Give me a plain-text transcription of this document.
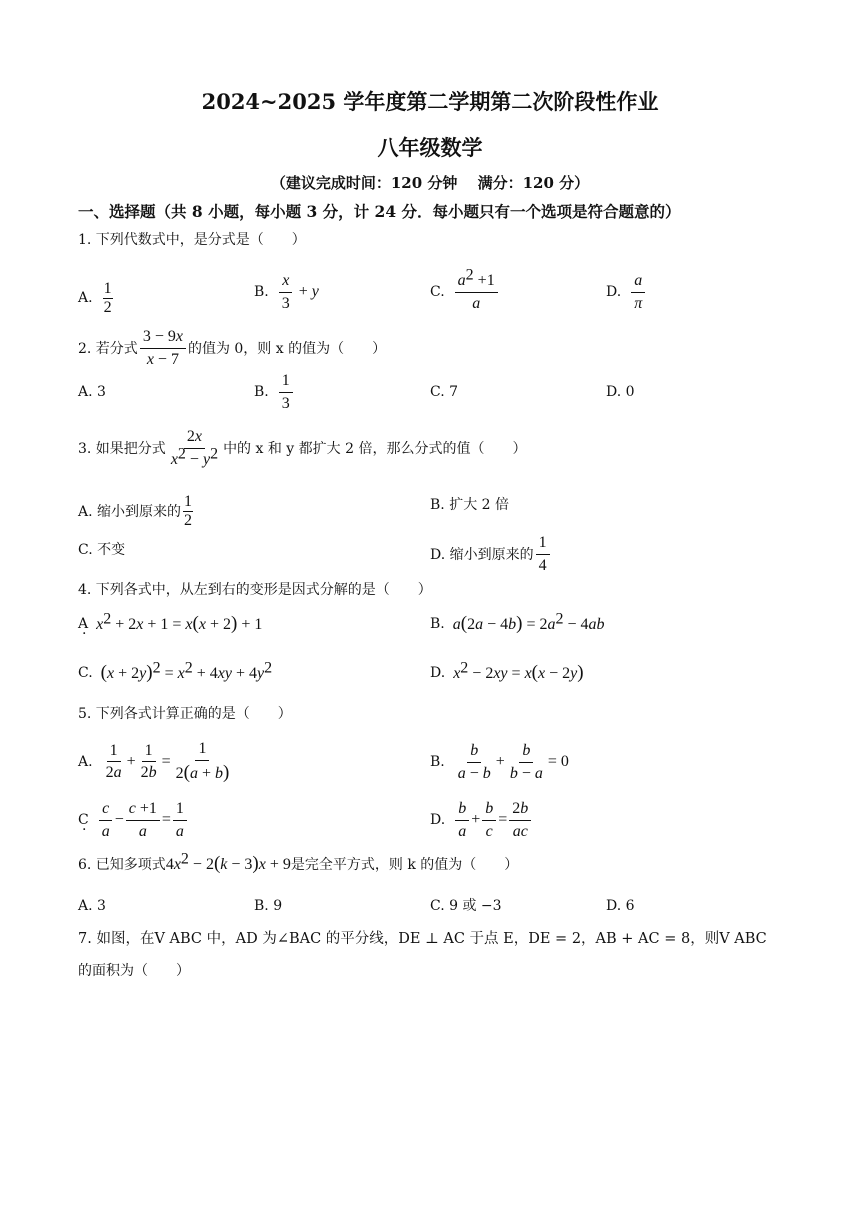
2024~2025 学年度第二学期第二次阶段性作业
八年级数学
（建议完成时间：120 分钟　 满分：120 分）
一、选择题（共 8 小题，每小题 3 分，计 24 分．每小题只有一个选项是符合题意的）
1. 下列代数式中，是分式是（　　）
A. $\frac{1}{2}$	B. $\frac{x}{3} + y$	C. $\frac{a^2 +1}{a}$	D. $\frac{a}{\pi}$
2. 若分式 $\frac{3 - 9x}{x - 7}$ 的值为 0，则 x 的值为（　　）
A. 3	B. $\frac{1}{3}$	C. 7	D. 0
3. 如果把分式 $\frac{2x}{x^2 - y^2}$ 中的 x 和 y 都扩大 2 倍，那么分式的值（　　）
A. 缩小到原来的 $\frac{1}{2}$	B. 扩大 2 倍
C. 不变	D. 缩小到原来的 $\frac{1}{4}$
4. 下列各式中，从左到右的变形是因式分解的是（　　）
A . $x^2 + 2x + 1 = x(x + 2) + 1$	B. $a(2a - 4b) = 2a^2 - 4ab$
C. $(x + 2y)^2 = x^2 + 4xy + 4y^2$	D. $x^2 - 2xy = x(x - 2y)$
5. 下列各式计算正确的是（　　）
A. $\frac{1}{2a} + \frac{1}{2b} = \frac{1}{2(a + b)}$	B. $\frac{b}{a - b} + \frac{b}{b - a} = 0$
C . $\frac{c}{a} - \frac{c +1}{a} = \frac{1}{a}$	D. $\frac{b}{a} + \frac{b}{c} = \frac{2b}{ac}$
6. 已知多项式 $4x^2 - 2(k - 3)x + 9$ 是完全平方式，则 k 的值为（　　）
A. 3	B. 9	C. 9 或 −3	D. 6
7. 如图，在V ABC 中，AD 为∠BAC 的平分线，DE ⊥ AC 于点 E，DE = 2，AB + AC = 8，则V ABC
的面积为（　　）
